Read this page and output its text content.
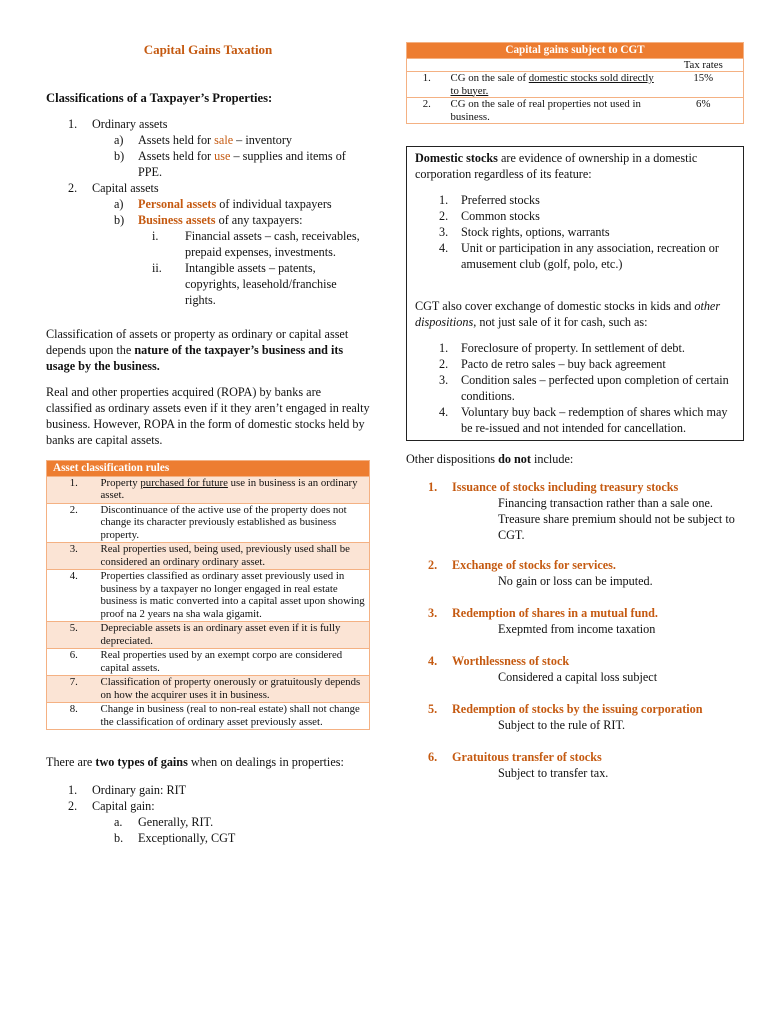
Capital Gains Taxation
Classifications of a Taxpayer’s Properties:
1. Ordinary assets
a) Assets held for sale – inventory
b) Assets held for use – supplies and items of PPE.
2. Capital assets
a) Personal assets of individual taxpayers
b) Business assets of any taxpayers:
i. Financial assets – cash, receivables, prepaid expenses, investments.
ii. Intangible assets – patents, copyrights, leasehold/franchise rights.
Classification of assets or property as ordinary or capital asset depends upon the nature of the taxpayer’s business and its usage by the business.
Real and other properties acquired (ROPA) by banks are classified as ordinary assets even if it they aren’t engaged in realty business. However, ROPA in the form of domestic stocks held by banks are capital assets.
Asset classification rules	
1.	Property purchased for future use in business is an ordinary asset.
2.	Discontinuance of the active use of the property does not change its character previously established as business property.
3.	Real properties used, being used, previously used shall be considered an ordinary ordinary asset.
4.	Properties classified as ordinary asset previously used in business by a taxpayer no longer engaged in real estate business is matic converted into a capital asset upon showing proof na 2 years na sha wala gigamit.
5.	Depreciable assets is an ordinary asset even if it is fully depreciated.
6.	Real properties used by an exempt corpo are considered capital assets.
7.	Classification of property onerously or gratuitously depends on how the acquirer uses it in business.
8.	Change in business (real to non-real estate) shall not change the classification of ordinary asset previously asset.
There are two types of gains when on dealings in properties:
1. Ordinary gain: RIT
2. Capital gain:
a. Generally, RIT.
b. Exceptionally, CGT
Capital gains subject to CGT		
		Tax rates
1.	CG on the sale of domestic stocks sold directly to buyer.	15%
2.	CG on the sale of real properties not used in business.	6%
Domestic stocks are evidence of ownership in a domestic corporation regardless of its feature:
1. Preferred stocks
2. Common stocks
3. Stock rights, options, warrants
4. Unit or participation in any association, recreation or amusement club (golf, polo, etc.)
CGT also cover exchange of domestic stocks in kids and other dispositions, not just sale of it for cash, such as:
1. Foreclosure of property. In settlement of debt.
2. Pacto de retro sales – buy back agreement
3. Condition sales – perfected upon completion of certain conditions.
4. Voluntary buy back – redemption of shares which may be re-issued and not intended for cancellation.
Other dispositions do not include:
1. Issuance of stocks including treasury stocks
Financing transaction rather than a sale one. Treasure share premium should not be subject to CGT.
2. Exchange of stocks for services.
No gain or loss can be imputed.
3. Redemption of shares in a mutual fund.
Exepmted from income taxation
4. Worthlessness of stock
Considered a capital loss subject
5. Redemption of stocks by the issuing corporation
Subject to the rule of RIT.
6. Gratuitous transfer of stocks
Subject to transfer tax.
